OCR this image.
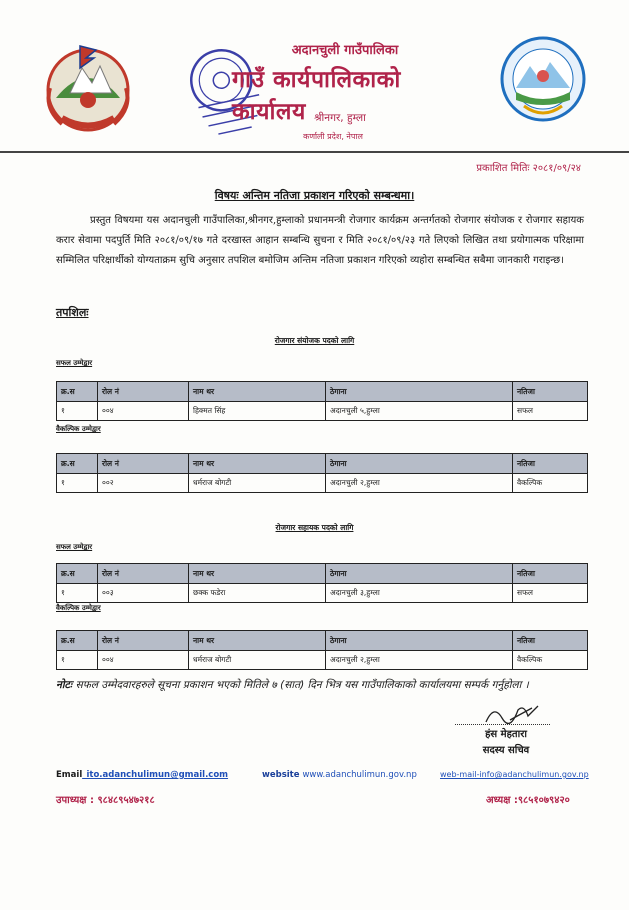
अदानचुली गाउँपालिका
गाउँ कार्यपालिकाको कार्यालय श्रीनगर, हुम्ला
कर्णाली प्रदेश, नेपाल
प्रकाशित मितिः २०८१/०९/२४
विषयः अन्तिम नतिजा प्रकाशन गरिएको सम्बन्धमा।
प्रस्तुत विषयमा यस अदानचुली गाउँपालिका,श्रीनगर,हुम्लाको प्रधानमन्त्री रोजगार कार्यक्रम अन्तर्गतको रोजगार संयोजक र रोजगार सहायक करार सेवामा पदपुर्ति मिति २०८१/०९/१७ गते दरखास्त आहान सम्बन्धि सुचना र मिति २०८१/०९/२३ गते लिएको लिखित तथा प्रयोगात्मक परिक्षामा सम्मिलित परिक्षार्थीको योग्यताक्रम सुचि अनुसार तपशिल बमोजिम अन्तिम नतिजा प्रकाशन गरिएको व्यहोरा सम्बन्धित सबैमा जानकारी गराइन्छ।
तपशिलः
रोजगार संयोजक पदको लागि
सफल उम्मेद्वार
क्र.स	रोल नं	नाम थर	ठेगाना	नतिजा
१	००४	हिक्मत सिंह	अदानचुली ५,हुम्ला	सफल
वैकल्पिक उम्मेद्वार
क्र.स	रोल नं	नाम थर	ठेगाना	नतिजा
१	००२	धर्मराज बोगटी	अदानचुली २,हुम्ला	वैकल्पिक
रोजगार सहायक पदको लागि
सफल उम्मेद्वार
क्र.स	रोल नं	नाम थर	ठेगाना	नतिजा
१	००३	छक्क फडेरा	अदानचुली ३,हुम्ला	सफल
वैकल्पिक उम्मेद्वार
क्र.स	रोल नं	नाम थर	ठेगाना	नतिजा
१	००४	धर्मराज बोगटी	अदानचुली २,हुम्ला	वैकल्पिक
नोटः सफल उम्मेदवारहरुले सूचना प्रकाशन भएको मितिले ७ (सात) दिन भित्र यस गाउँपालिकाको कार्यालयमा सम्पर्क गर्नुहोला ।
हंस मेहतारा
सदस्य सचिव
Email_ito.adanchulimun@gmail.com	website www.adanchulimun.gov.np	web-mail-info@adanchulimun.gov.np
उपाध्यक्ष : ९८४८९५४७२१८	अध्यक्ष :९८५१०७९४२०
